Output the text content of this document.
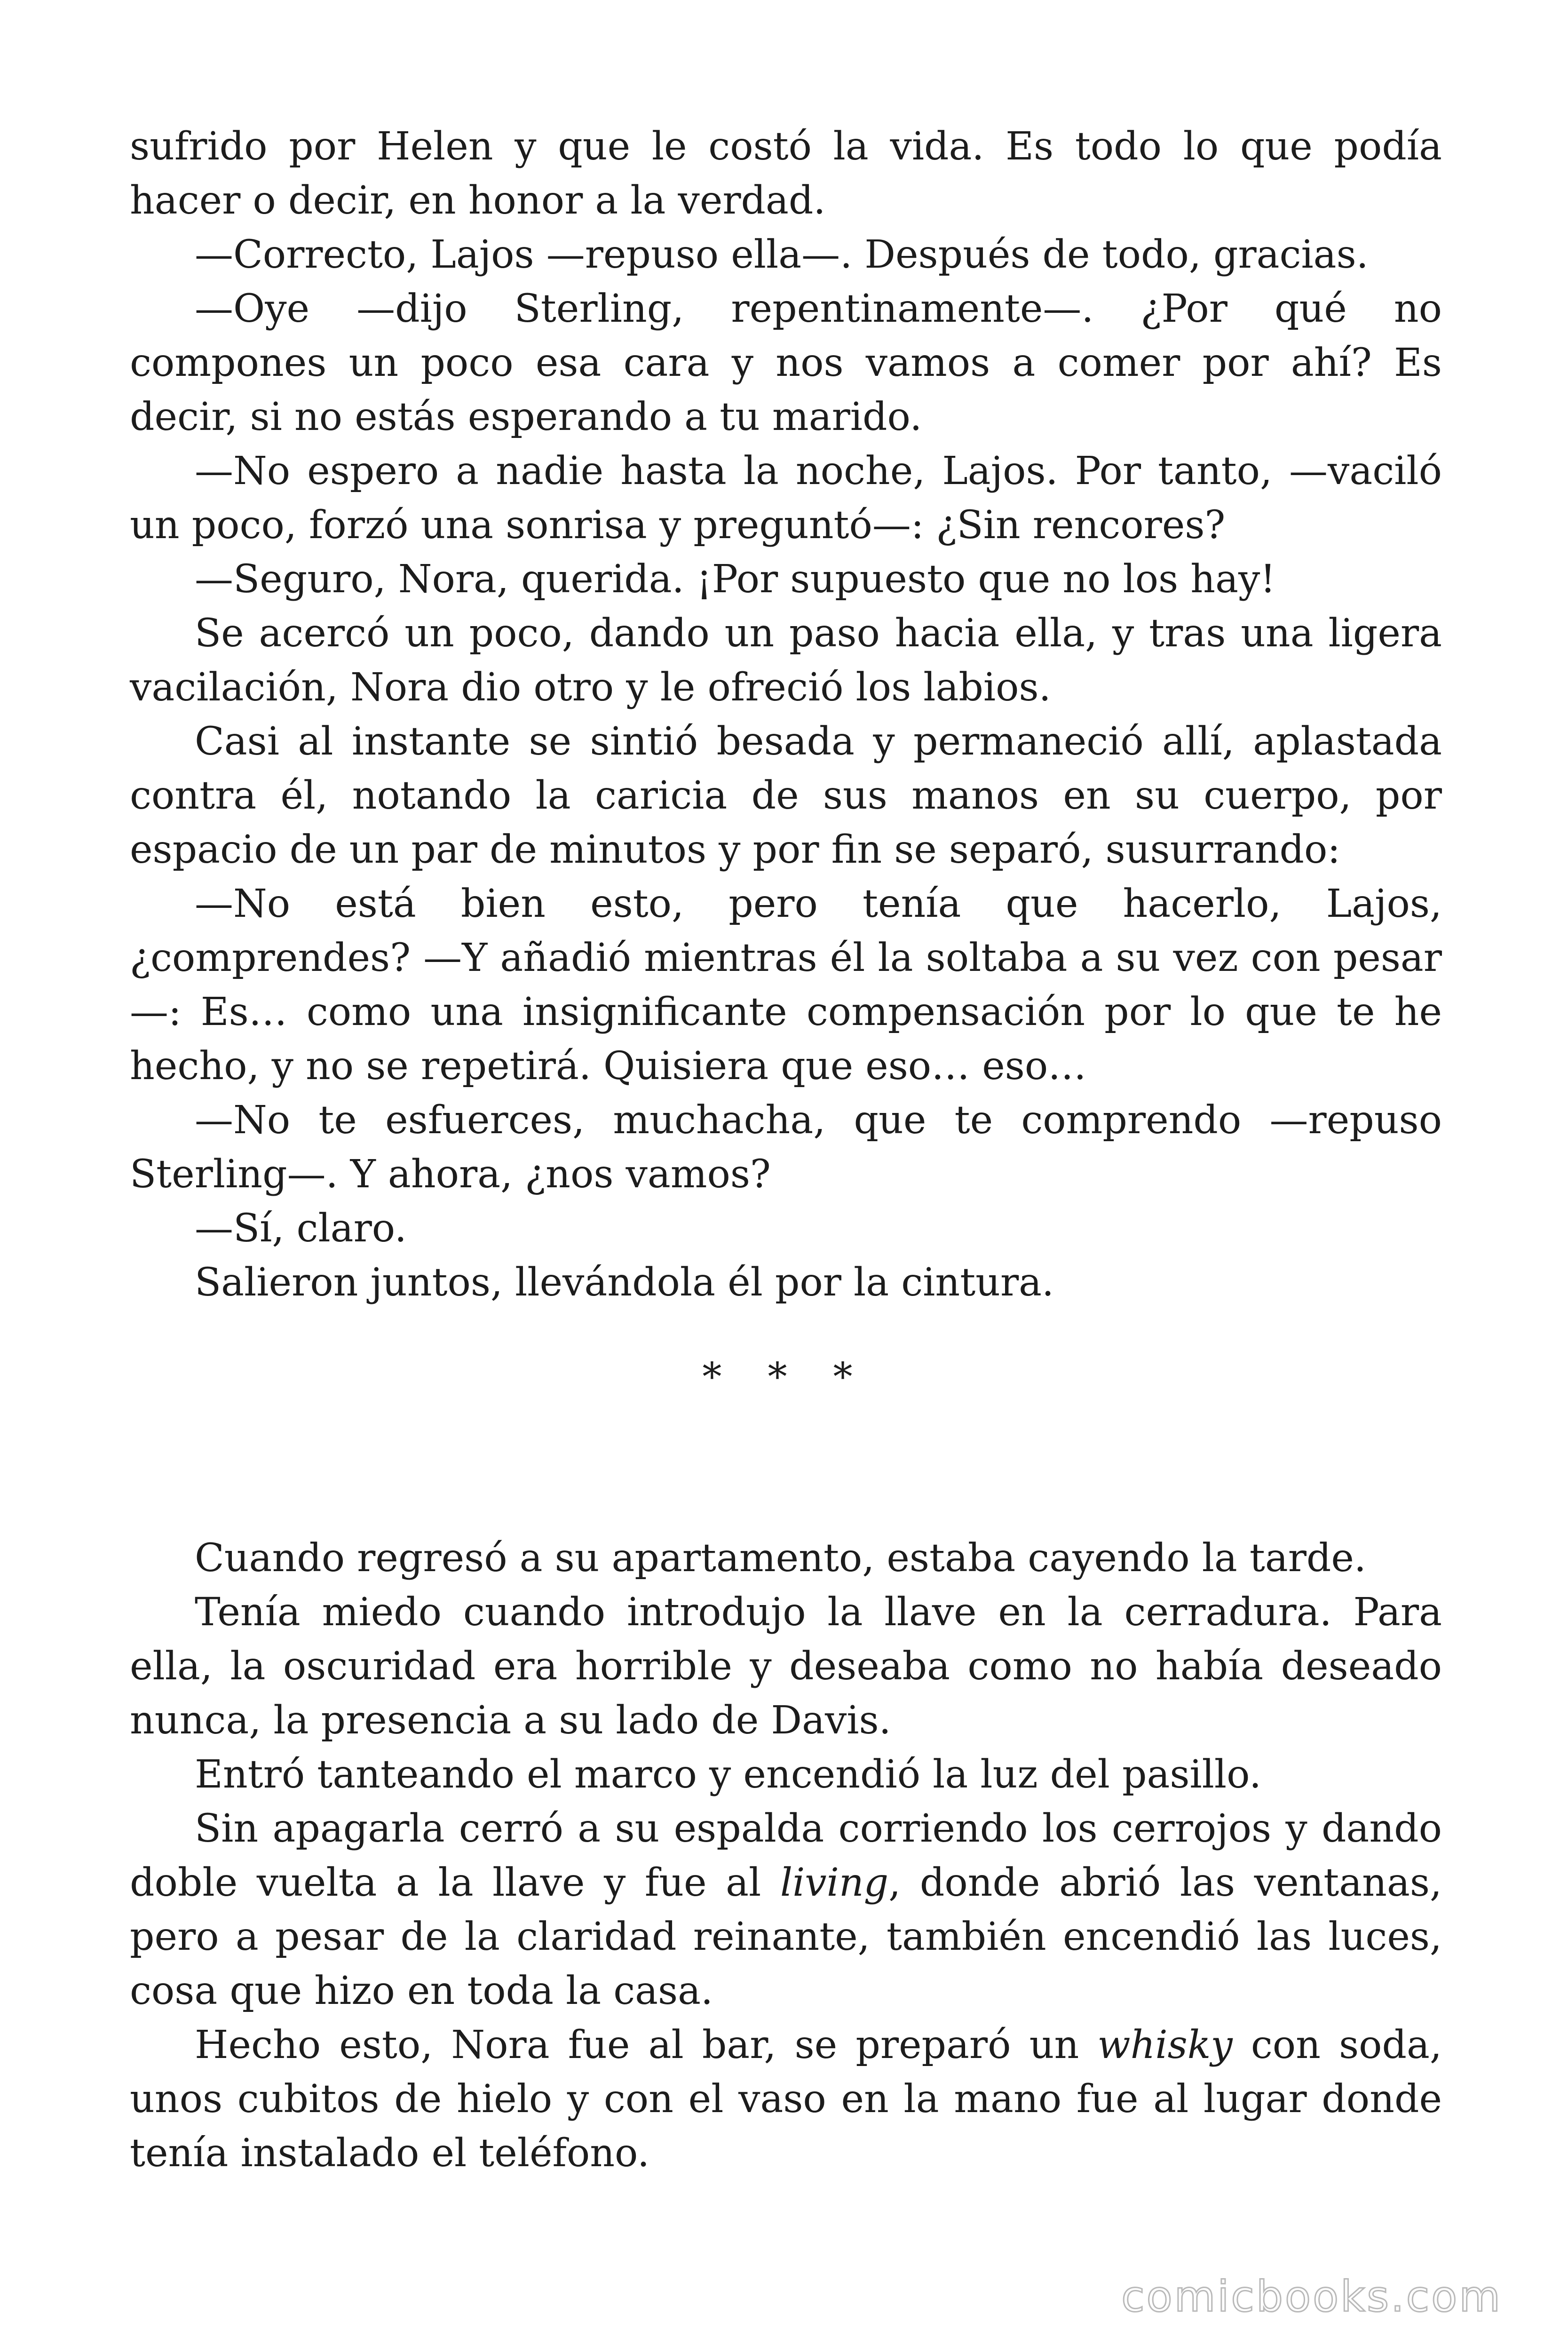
sufrido por Helen y que le costó la vida. Es todo lo que podía hacer o decir, en honor a la verdad.

—Correcto, Lajos —repuso ella—. Después de todo, gracias.

—Oye —dijo Sterling, repentinamente—. ¿Por qué no compones un poco esa cara y nos vamos a comer por ahí? Es decir, si no estás esperando a tu marido.

—No espero a nadie hasta la noche, Lajos. Por tanto, —vaciló un poco, forzó una sonrisa y preguntó—: ¿Sin rencores?

—Seguro, Nora, querida. ¡Por supuesto que no los hay!

Se acercó un poco, dando un paso hacia ella, y tras una ligera vacilación, Nora dio otro y le ofreció los labios.

Casi al instante se sintió besada y permaneció allí, aplastada contra él, notando la caricia de sus manos en su cuerpo, por espacio de un par de minutos y por fin se separó, susurrando:

—No está bien esto, pero tenía que hacerlo, Lajos, ¿comprendes? —Y añadió mientras él la soltaba a su vez con pesar—: Es… como una insignificante compensación por lo que te he hecho, y no se repetirá. Quisiera que eso… eso…

—No te esfuerces, muchacha, que te comprendo —repuso Sterling—. Y ahora, ¿nos vamos?

—Sí, claro.

Salieron juntos, llevándola él por la cintura.

* * *

Cuando regresó a su apartamento, estaba cayendo la tarde.

Tenía miedo cuando introdujo la llave en la cerradura. Para ella, la oscuridad era horrible y deseaba como no había deseado nunca, la presencia a su lado de Davis.

Entró tanteando el marco y encendió la luz del pasillo.

Sin apagarla cerró a su espalda corriendo los cerrojos y dando doble vuelta a la llave y fue al living, donde abrió las ventanas, pero a pesar de la claridad reinante, también encendió las luces, cosa que hizo en toda la casa.

Hecho esto, Nora fue al bar, se preparó un whisky con soda, unos cubitos de hielo y con el vaso en la mano fue al lugar donde tenía instalado el teléfono.

comicbooks.com
